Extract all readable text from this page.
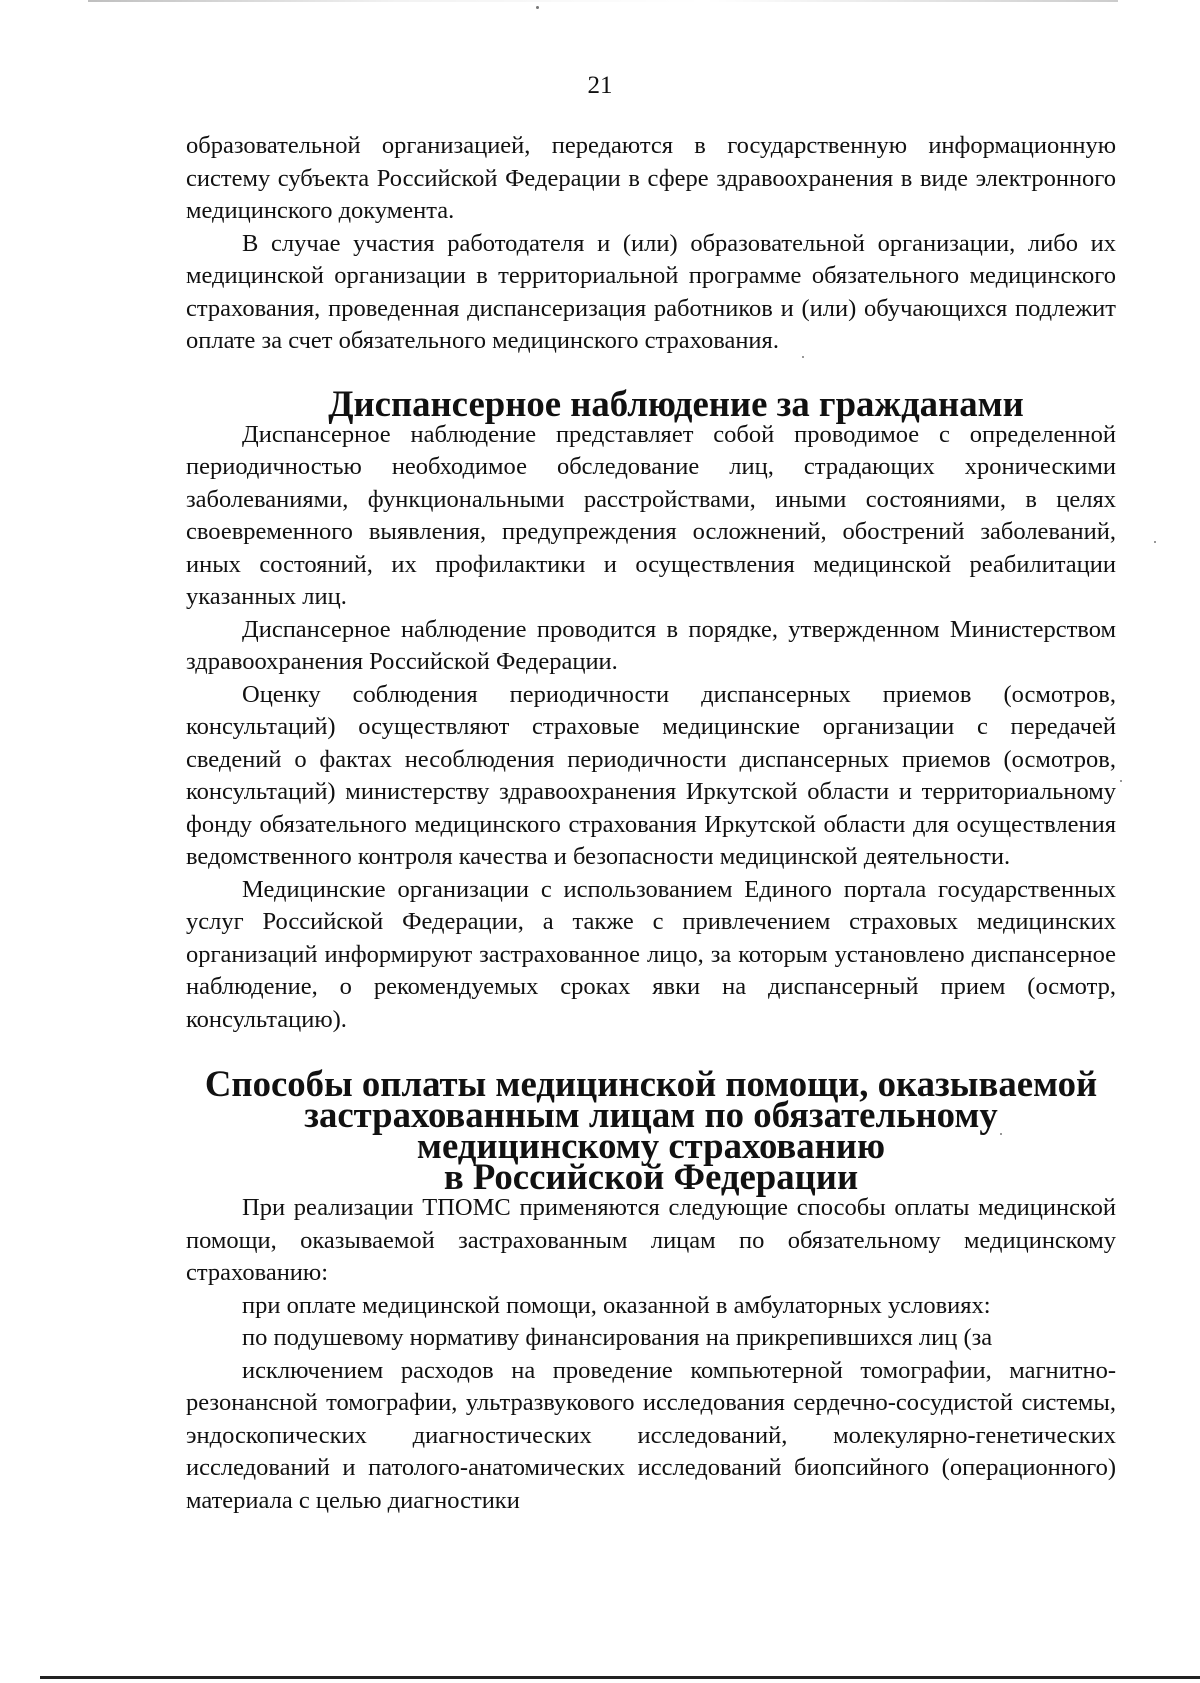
21

образовательной организацией, передаются в государственную информационную систему субъекта Российской Федерации в сфере здравоохранения в виде электронного медицинского документа.

В случае участия работодателя и (или) образовательной организации, либо их медицинской организации в территориальной программе обязательного медицинского страхования, проведенная диспансеризация работников и (или) обучающихся подлежит оплате за счет обязательного медицинского страхования.

Диспансерное наблюдение за гражданами

Диспансерное наблюдение представляет собой проводимое с определенной периодичностью необходимое обследование лиц, страдающих хроническими заболеваниями, функциональными расстройствами, иными состояниями, в целях своевременного выявления, предупреждения осложнений, обострений заболеваний, иных состояний, их профилактики и осуществления медицинской реабилитации указанных лиц.

Диспансерное наблюдение проводится в порядке, утвержденном Министерством здравоохранения Российской Федерации.

Оценку соблюдения периодичности диспансерных приемов (осмотров, консультаций) осуществляют страховые медицинские организации с передачей сведений о фактах несоблюдения периодичности диспансерных приемов (осмотров, консультаций) министерству здравоохранения Иркутской области и территориальному фонду обязательного медицинского страхования Иркутской области для осуществления ведомственного контроля качества и безопасности медицинской деятельности.

Медицинские организации с использованием Единого портала государственных услуг Российской Федерации, а также с привлечением страховых медицинских организаций информируют застрахованное лицо, за которым установлено диспансерное наблюдение, о рекомендуемых сроках явки на диспансерный прием (осмотр, консультацию).

Способы оплаты медицинской помощи, оказываемой
застрахованным лицам по обязательному медицинскому страхованию
в Российской Федерации

При реализации ТПОМС применяются следующие способы оплаты медицинской помощи, оказываемой застрахованным лицам по обязательному медицинскому страхованию:

при оплате медицинской помощи, оказанной в амбулаторных условиях:

по подушевому нормативу финансирования на прикрепившихся лиц (за

исключением расходов на проведение компьютерной томографии, магнитно-резонансной томографии, ультразвукового исследования сердечно-сосудистой системы, эндоскопических диагностических исследований, молекулярно-генетических исследований и патолого-анатомических исследований биопсийного (операционного) материала с целью диагностики
